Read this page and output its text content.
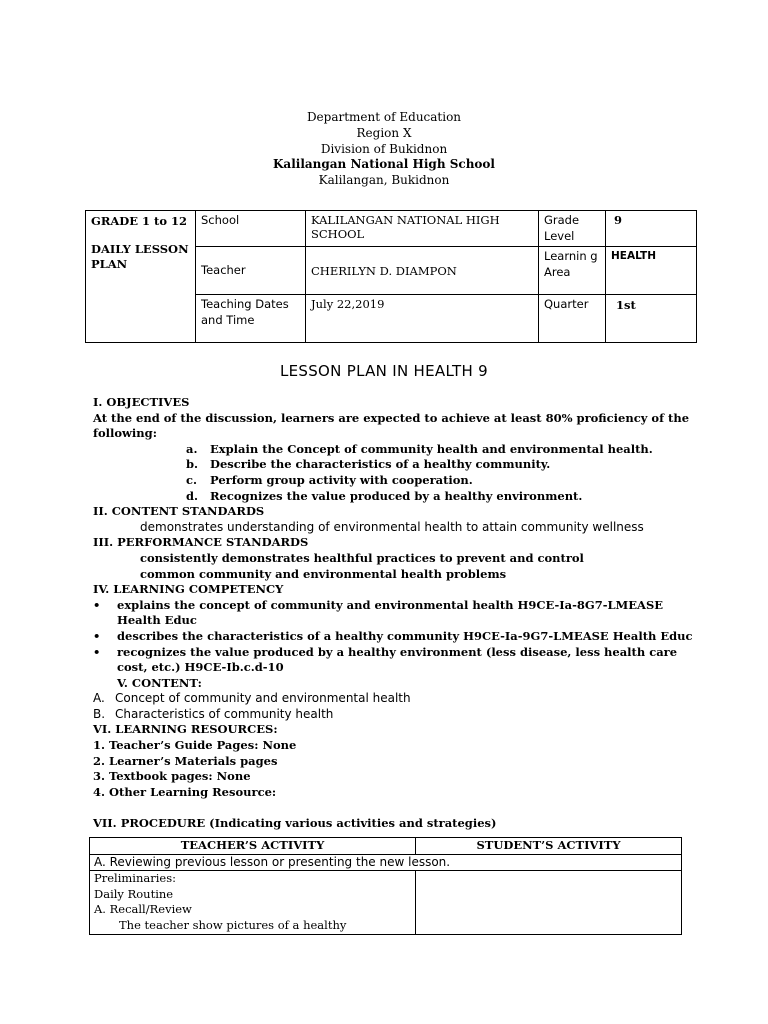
Department of Education
Region X
Division of Bukidnon
Kalilangan National High School
Kalilangan, Bukidnon
GRADE 1 to 12
DAILY LESSON PLAN	School	KALILANGAN NATIONAL HIGH SCHOOL	Grade Level	9
	Teacher	CHERILYN D. DIAMPON	Learnin g Area	HEALTH
	Teaching Dates and Time	July 22,2019	Quarter	1st
LESSON PLAN IN HEALTH 9
I. OBJECTIVES
At the end of the discussion, learners are expected to achieve at least 80% proficiency of the following:
a. Explain the Concept of community health and environmental health.
b. Describe the characteristics of a healthy community.
c. Perform group activity with cooperation.
d. Recognizes the value produced by a healthy environment.
II. CONTENT STANDARDS
demonstrates understanding of environmental health to attain community wellness
III. PERFORMANCE STANDARDS
consistently demonstrates healthful practices to prevent and control common community and environmental health problems
IV. LEARNING COMPETENCY
• explains the concept of community and environmental health H9CE-Ia-8G7-LMEASE Health Educ
• describes the characteristics of a healthy community H9CE-Ia-9G7-LMEASE Health Educ
• recognizes the value produced by a healthy environment (less disease, less health care cost, etc.) H9CE-Ib.c.d-10
V. CONTENT:
A. Concept of community and environmental health
B. Characteristics of community health
VI. LEARNING RESOURCES:
1. Teacher’s Guide Pages: None
2. Learner’s Materials pages
3. Textbook pages: None
4. Other Learning Resource:
VII. PROCEDURE (Indicating various activities and strategies)
TEACHER’S ACTIVITY	STUDENT’S ACTIVITY
A. Reviewing previous lesson or presenting the new lesson.	

Preliminaries:
Daily Routine
A. Recall/Review
The teacher show pictures of a healthy	
